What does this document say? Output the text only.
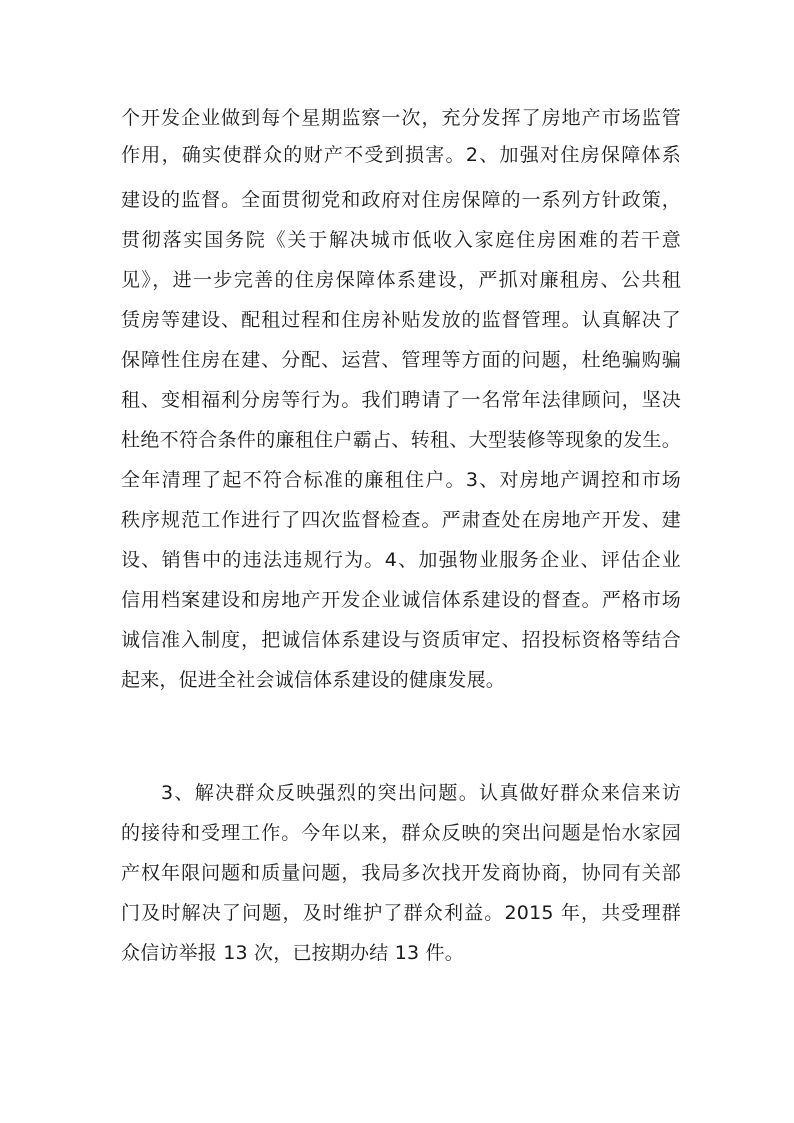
个开发企业做到每个星期监察一次，充分发挥了房地产市场监管
作用，确实使群众的财产不受到损害。2、加强对住房保障体系
建设的监督。全面贯彻党和政府对住房保障的一系列方针政策，
贯彻落实国务院《关于解决城市低收入家庭住房困难的若干意
见》，进一步完善的住房保障体系建设，严抓对廉租房、公共租
赁房等建设、配租过程和住房补贴发放的监督管理。认真解决了
保障性住房在建、分配、运营、管理等方面的问题，杜绝骗购骗
租、变相福利分房等行为。我们聘请了一名常年法律顾问，坚决
杜绝不符合条件的廉租住户霸占、转租、大型装修等现象的发生。
全年清理了起不符合标准的廉租住户。3、对房地产调控和市场
秩序规范工作进行了四次监督检查。严肃查处在房地产开发、建
设、销售中的违法违规行为。4、加强物业服务企业、评估企业
信用档案建设和房地产开发企业诚信体系建设的督查。严格市场
诚信准入制度，把诚信体系建设与资质审定、招投标资格等结合
起来，促进全社会诚信体系建设的健康发展。
3、解决群众反映强烈的突出问题。认真做好群众来信来访
的接待和受理工作。今年以来，群众反映的突出问题是怡水家园
产权年限问题和质量问题，我局多次找开发商协商，协同有关部
门及时解决了问题，及时维护了群众利益。2015 年，共受理群
众信访举报 13 次，已按期办结 13 件。
